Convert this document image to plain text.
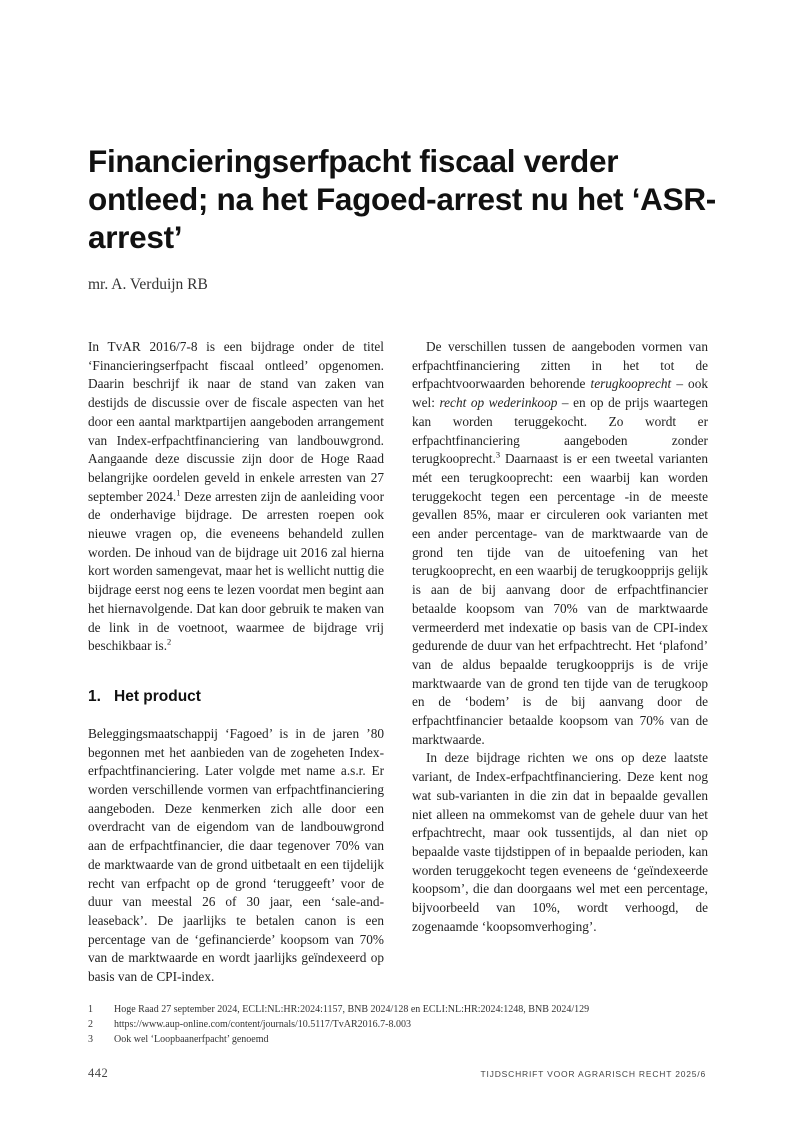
Financieringserfpacht fiscaal verder ontleed; na het Fagoed-arrest nu het ‘ASR-arrest’

mr. A. Verduijn RB

In TvAR 2016/7-8 is een bijdrage onder de titel ‘Financieringserfpacht fiscaal ontleed’ opgenomen. Daarin beschrijf ik naar de stand van zaken van destijds de discussie over de fiscale aspecten van het door een aantal marktpartijen aangeboden arrangement van Index-erfpachtfinanciering van landbouwgrond. Aangaande deze discussie zijn door de Hoge Raad belangrijke oordelen geveld in enkele arresten van 27 september 2024.$^1$ Deze arresten zijn de aanleiding voor de onderhavige bijdrage. De arresten roepen ook nieuwe vragen op, die eveneens behandeld zullen worden. De inhoud van de bijdrage uit 2016 zal hierna kort worden samengevat, maar het is wellicht nuttig die bijdrage eerst nog eens te lezen voordat men begint aan het hiernavolgende. Dat kan door gebruik te maken van de link in de voetnoot, waarmee de bijdrage vrij beschikbaar is.$^2$

1. Het product

Beleggingsmaatschappij ‘Fagoed’ is in de jaren ’80 begonnen met het aanbieden van de zogeheten Index-erfpachtfinanciering. Later volgde met name a.s.r. Er worden verschillende vormen van erfpachtfinanciering aangeboden. Deze kenmerken zich alle door een overdracht van de eigendom van de landbouwgrond aan de erfpachtfinancier, die daar tegenover 70% van de marktwaarde van de grond uitbetaalt en een tijdelijk recht van erfpacht op de grond ‘teruggeeft’ voor de duur van meestal 26 of 30 jaar, een ‘sale-and-leaseback’. De jaarlijks te betalen canon is een percentage van de ‘gefinancierde’ koopsom van 70% van de marktwaarde en wordt jaarlijks geïndexeerd op basis van de CPI-index.

De verschillen tussen de aangeboden vormen van erfpachtfinanciering zitten in het tot de erfpachtvoorwaarden behorende terugkooprecht – ook wel: recht op wederinkoop – en op de prijs waartegen kan worden teruggekocht. Zo wordt er erfpachtfinanciering aangeboden zonder terugkooprecht.$^3$ Daarnaast is er een tweetal varianten mét een terugkooprecht: een waarbij kan worden teruggekocht tegen een percentage -in de meeste gevallen 85%, maar er circuleren ook varianten met een ander percentage- van de marktwaarde van de grond ten tijde van de uitoefening van het terugkooprecht, en een waarbij de terugkoopprijs gelijk is aan de bij aanvang door de erfpachtfinancier betaalde koopsom van 70% van de marktwaarde vermeerderd met indexatie op basis van de CPI-index gedurende de duur van het erfpachtrecht. Het ‘plafond’ van de aldus bepaalde terugkoopprijs is de vrije marktwaarde van de grond ten tijde van de terugkoop en de ‘bodem’ is de bij aanvang door de erfpachtfinancier betaalde koopsom van 70% van de marktwaarde.

In deze bijdrage richten we ons op deze laatste variant, de Index-erfpachtfinanciering. Deze kent nog wat sub-varianten in die zin dat in bepaalde gevallen niet alleen na ommekomst van de gehele duur van het erfpachtrecht, maar ook tussentijds, al dan niet op bepaalde vaste tijdstippen of in bepaalde perioden, kan worden teruggekocht tegen eveneens de ‘geïndexeerde koopsom’, die dan doorgaans wel met een percentage, bijvoorbeeld van 10%, wordt verhoogd, de zogenaamde ‘koopsomverhoging’.

1	Hoge Raad 27 september 2024, ECLI:NL:HR:2024:1157, BNB 2024/128 en ECLI:NL:HR:2024:1248, BNB 2024/129
2	https://www.aup-online.com/content/journals/10.5117/TvAR2016.7-8.003
3	Ook wel ‘Loopbaanerfpacht’ genoemd
442	TIJDSCHRIFT VOOR AGRARISCH RECHT 2025/6
